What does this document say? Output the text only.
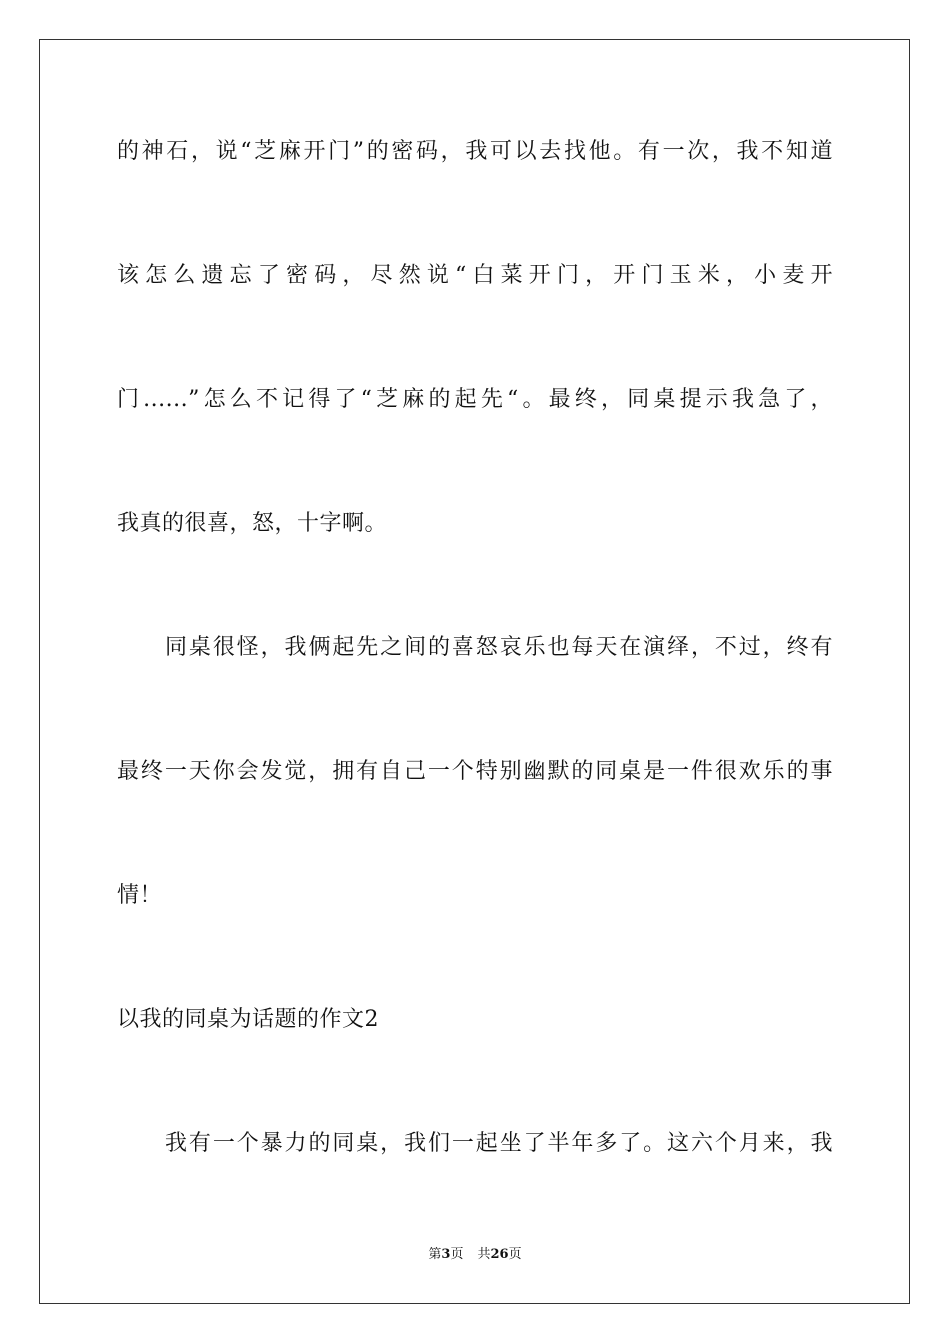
的神石，说“芝麻开门”的密码，我可以去找他。有一次，我不知道
该怎么遗忘了密码，尽然说“白菜开门，开门玉米，小麦开
门......”怎么不记得了“芝麻的起先“。最终，同桌提示我急了，
我真的很喜，怒，十字啊。
同桌很怪，我俩起先之间的喜怒哀乐也每天在演绎，不过，终有
最终一天你会发觉，拥有自己一个特别幽默的同桌是一件很欢乐的事
情！
以我的同桌为话题的作文2
我有一个暴力的同桌，我们一起坐了半年多了。这六个月来，我
第3页 共26页
